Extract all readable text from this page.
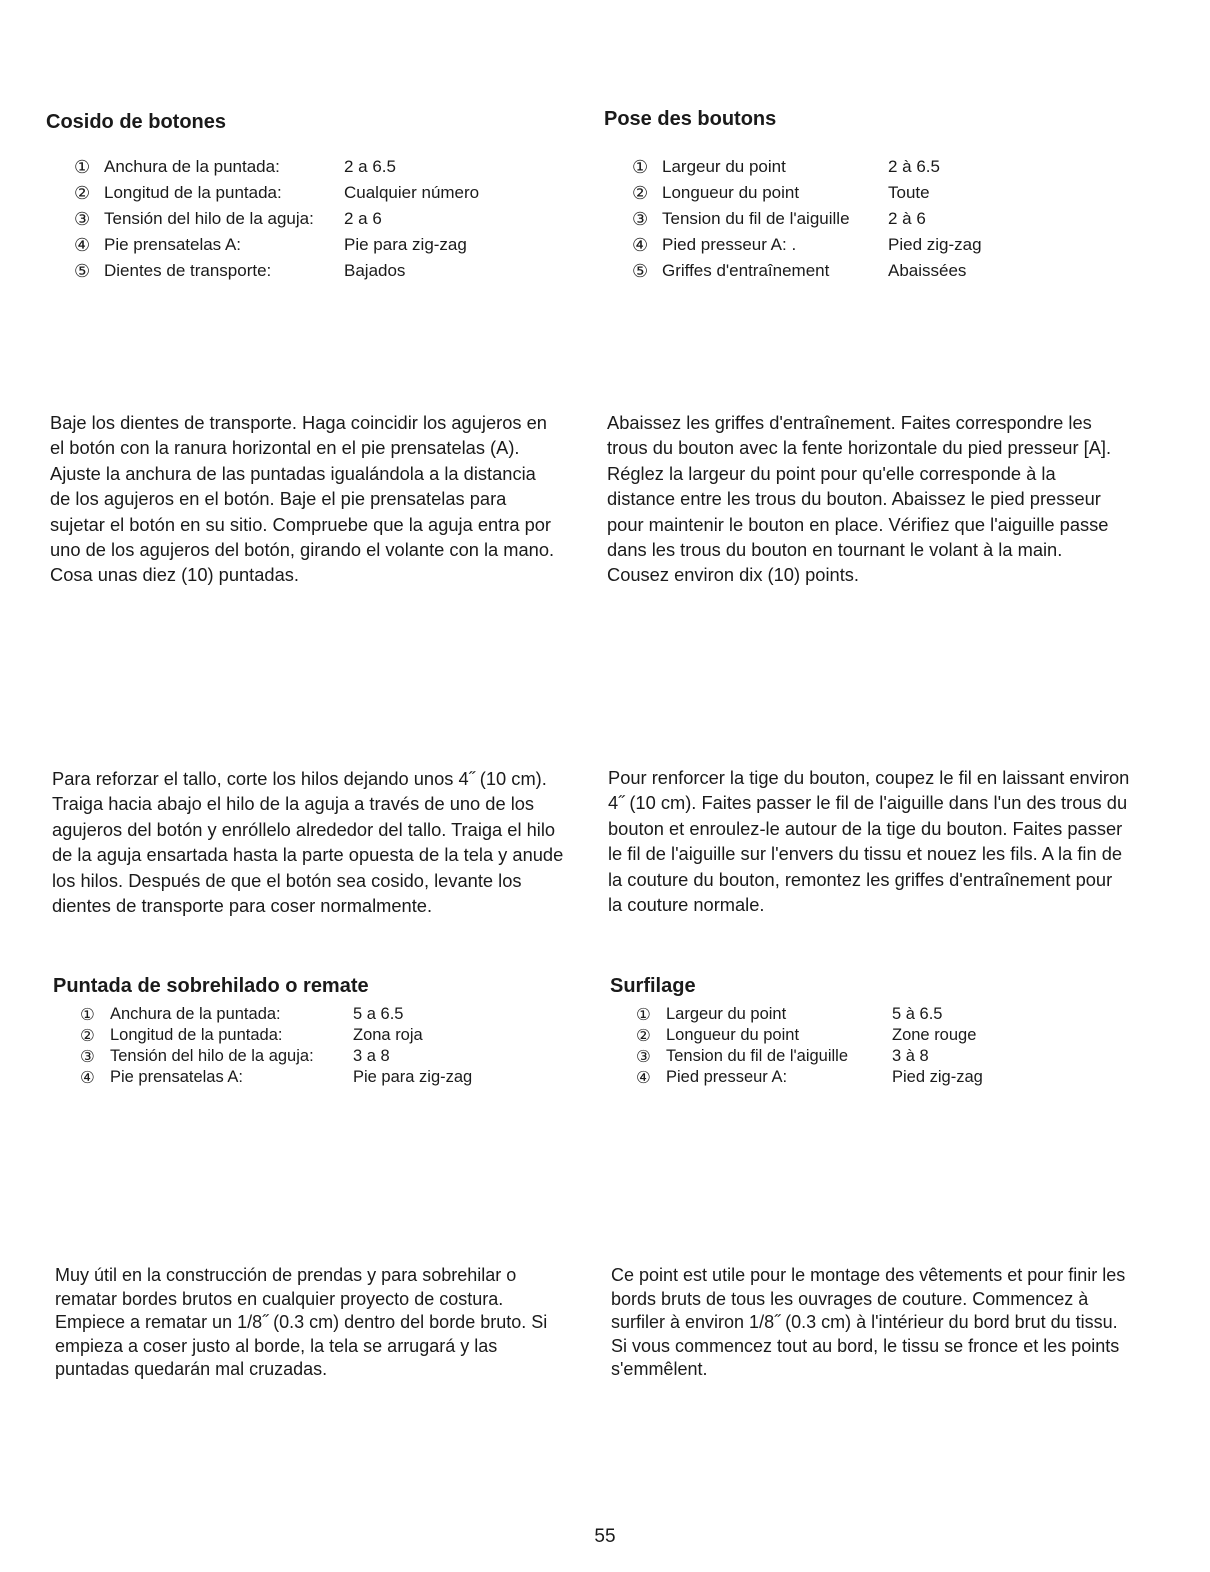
Cosido de botones
①	Anchura de la puntada:	2 a 6.5
②	Longitud de la puntada:	Cualquier número
③	Tensión del hilo de la aguja:	2 a 6
④	Pie prensatelas A:	Pie para zig-zag
⑤	Dientes de transporte:	Bajados
Pose des boutons
①	Largeur du point	2 à 6.5
②	Longueur du point	Toute
③	Tension du fil de l'aiguille	2 à 6
④	Pied presseur A: .	Pied zig-zag
⑤	Griffes d'entraînement	Abaissées

Baje los dientes de transporte. Haga coincidir los agujeros en el botón con la ranura horizontal en el pie prensatelas (A). Ajuste la anchura de las puntadas igualándola a la distancia de los agujeros en el botón. Baje el pie prensatelas para sujetar el botón en su sitio. Compruebe que la aguja entra por uno de los agujeros del botón, girando el volante con la mano. Cosa unas diez (10) puntadas.

Abaissez les griffes d'entraînement. Faites correspondre les trous du bouton avec la fente horizontale du pied presseur [A]. Réglez la largeur du point pour qu'elle corresponde à la distance entre les trous du bouton. Abaissez le pied presseur pour maintenir le bouton en place. Vérifiez que l'aiguille passe dans les trous du bouton en tournant le volant à la main. Cousez environ dix (10) points.

Para reforzar el tallo, corte los hilos dejando unos 4˝ (10 cm). Traiga hacia abajo el hilo de la aguja a través de uno de los agujeros del botón y enróllelo alrededor del tallo. Traiga el hilo de la aguja ensartada hasta la parte opuesta de la tela y anude los hilos. Después de que el botón sea cosido, levante los dientes de transporte para coser normalmente.

Pour renforcer la tige du bouton, coupez le fil en laissant environ 4˝ (10 cm). Faites passer le fil de l'aiguille dans l'un des trous du bouton et enroulez-le autour de la tige du bouton. Faites passer le fil de l'aiguille sur l'envers du tissu et nouez les fils. A la fin de la couture du bouton, remontez les griffes d'entraînement pour la couture normale.

Puntada de sobrehilado o remate	Surfilage
①	Anchura de la puntada:	5 a 6.5
②	Longitud de la puntada:	Zona roja
③	Tensión del hilo de la aguja:	3 a 8
④	Pie prensatelas A:	Pie para zig-zag
①	Largeur du point	5 à 6.5
②	Longueur du point	Zone rouge
③	Tension du fil de l'aiguille	3 à 8
④	Pied presseur A:	Pied zig-zag

Muy útil en la construcción de prendas y para sobrehilar o rematar bordes brutos en cualquier proyecto de costura. Empiece a rematar un 1/8˝ (0.3 cm) dentro del borde bruto. Si empieza a coser justo al borde, la tela se arrugará y las puntadas quedarán mal cruzadas.

Ce point est utile pour le montage des vêtements et pour finir les bords bruts de tous les ouvrages de couture. Commencez à surfiler à environ 1/8˝ (0.3 cm) à l'intérieur du bord brut du tissu. Si vous commencez tout au bord, le tissu se fronce et les points s'emmêlent.

55
